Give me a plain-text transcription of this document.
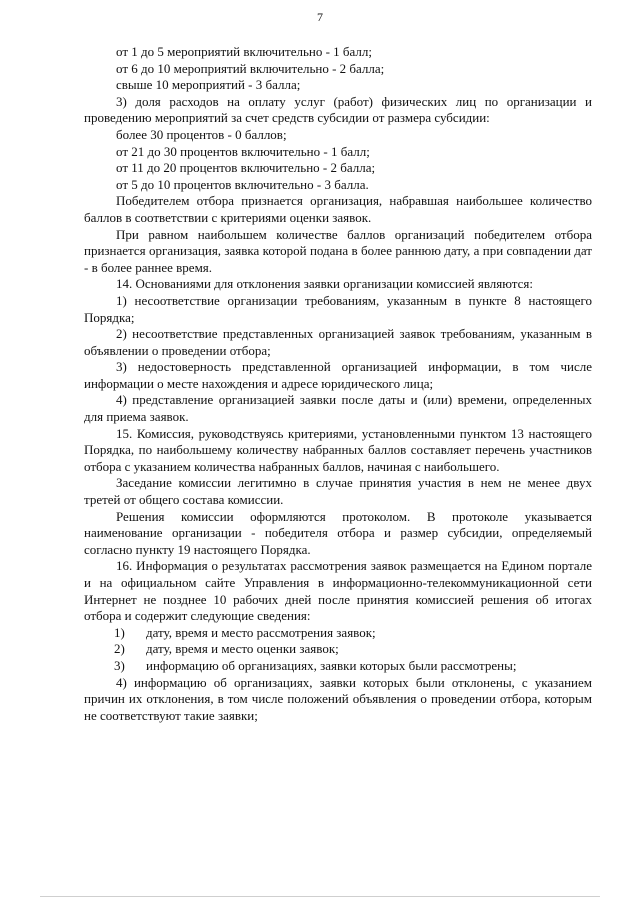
7

от 1 до 5 мероприятий включительно - 1 балл;

от 6 до 10 мероприятий включительно - 2 балла;

свыше 10 мероприятий - 3 балла;

3) доля расходов на оплату услуг (работ) физических лиц по организации и проведению мероприятий за счет средств субсидии от размера субсидии:

более 30 процентов - 0 баллов;

от 21 до 30 процентов включительно - 1 балл;

от 11 до 20 процентов включительно - 2 балла;

от 5 до 10 процентов включительно - 3 балла.

Победителем отбора признается организация, набравшая наибольшее количество баллов в соответствии с критериями оценки заявок.

При равном наибольшем количестве баллов организаций победителем отбора признается организация, заявка которой подана в более раннюю дату, а при совпадении дат - в более раннее время.

14. Основаниями для отклонения заявки организации комиссией являются:

1) несоответствие организации требованиям, указанным в пункте 8 настоящего Порядка;

2) несоответствие представленных организацией заявок требованиям, указанным в объявлении о проведении отбора;

3) недостоверность представленной организацией информации, в том числе информации о месте нахождения и адресе юридического лица;

4) представление организацией заявки после даты и (или) времени, определенных для приема заявок.

15. Комиссия, руководствуясь критериями, установленными пунктом 13 настоящего Порядка, по наибольшему количеству набранных баллов составляет перечень участников отбора с указанием количества набранных баллов, начиная с наибольшего.

Заседание комиссии легитимно в случае принятия участия в нем не менее двух третей от общего состава комиссии.

Решения комиссии оформляются протоколом. В протоколе указывается наименование организации - победителя отбора и размер субсидии, определяемый согласно пункту 19 настоящего Порядка.

16. Информация о результатах рассмотрения заявок размещается на Едином портале и на официальном сайте Управления в информационно-телекоммуникационной сети Интернет не позднее 10 рабочих дней после принятия комиссией решения об итогах отбора и содержит следующие сведения:

1)	дату, время и место рассмотрения заявок;
2)	дату, время и место оценки заявок;
3)	информацию об организациях, заявки которых были рассмотрены;

4) информацию об организациях, заявки которых были отклонены, с указанием причин их отклонения, в том числе положений объявления о проведении отбора, которым не соответствуют такие заявки;
